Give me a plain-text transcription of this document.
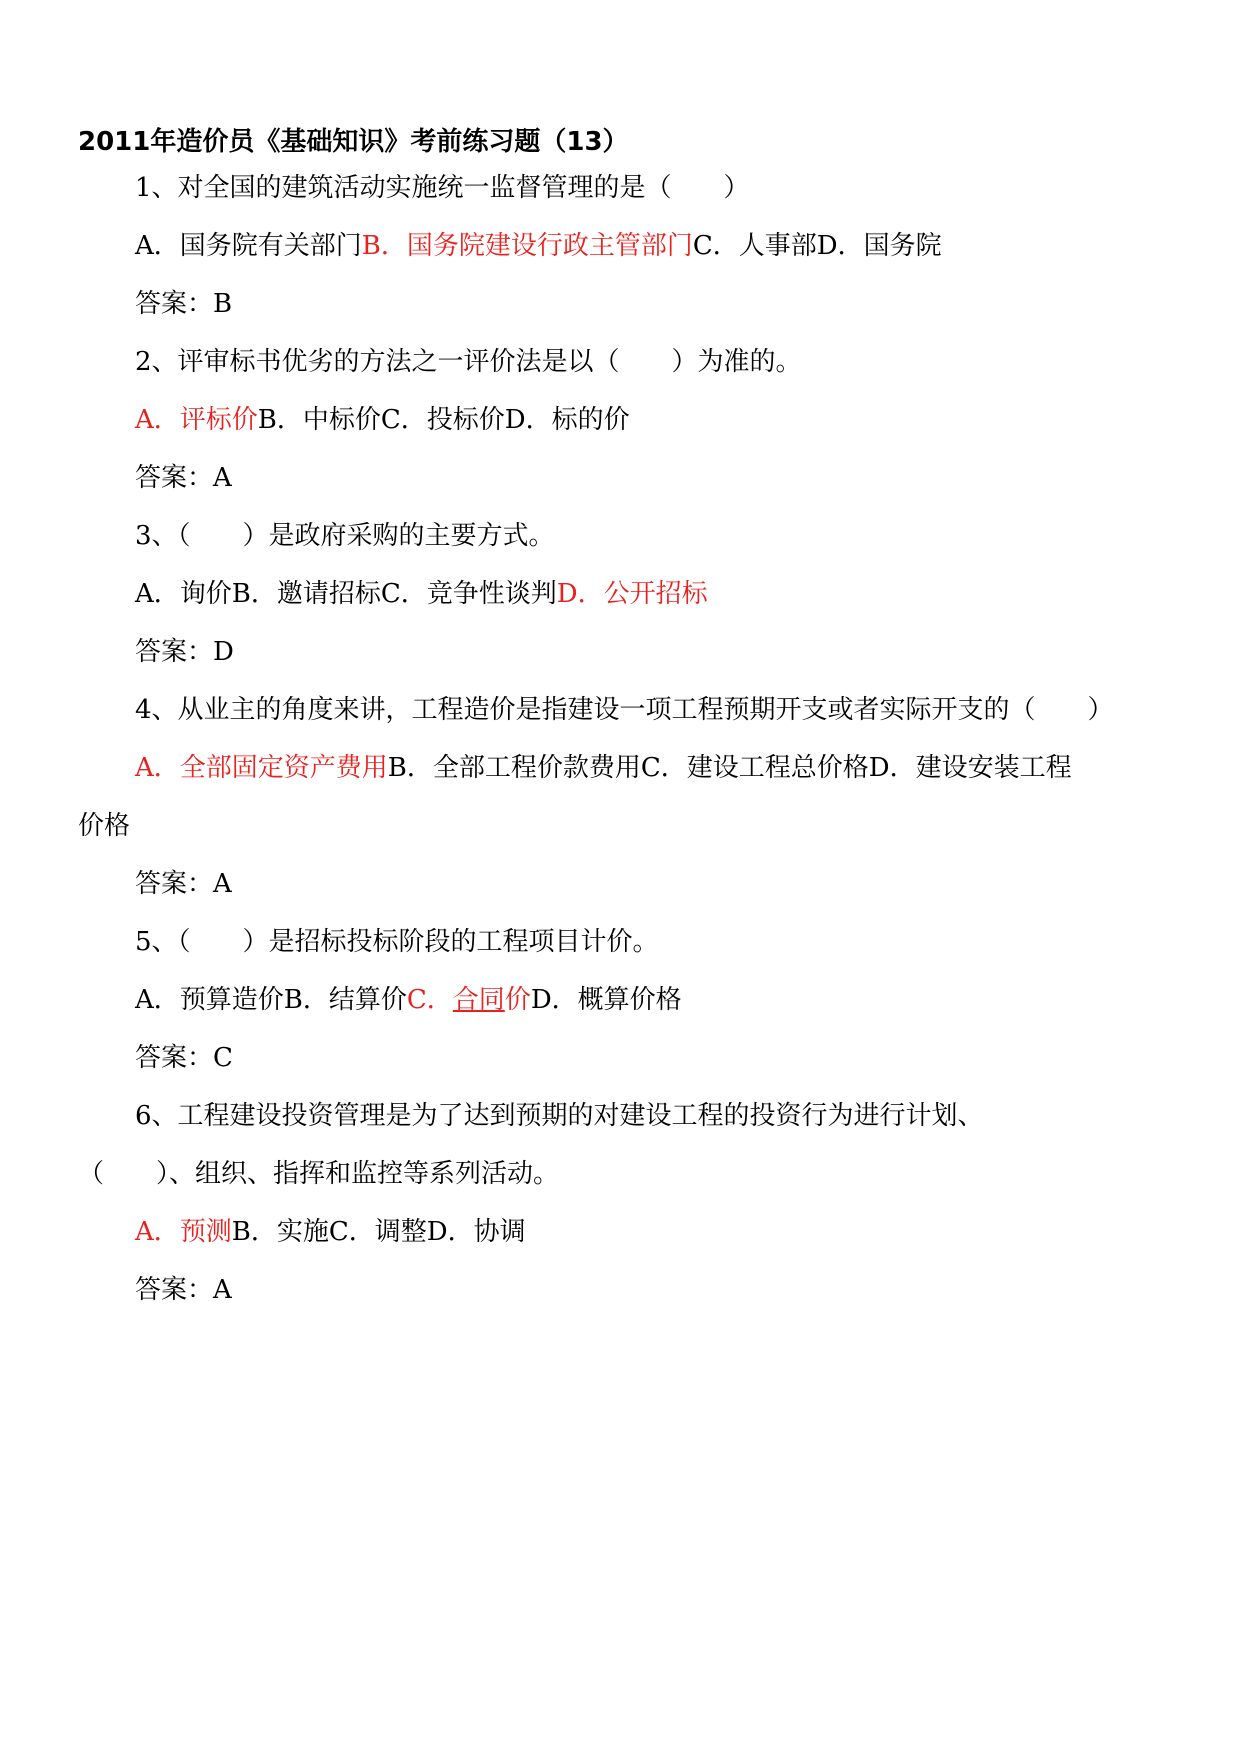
2011年造价员《基础知识》考前练习题（13）
1、对全国的建筑活动实施统一监督管理的是（　　）
A．国务院有关部门B．国务院建设行政主管部门C．人事部D．国务院
答案：B
2、评审标书优劣的方法之一评价法是以（　　）为准的。
A．评标价B．中标价C．投标价D．标的价
答案：A
3、（　　）是政府采购的主要方式。
A．询价B．邀请招标C．竞争性谈判D．公开招标
答案：D
4、从业主的角度来讲，工程造价是指建设一项工程预期开支或者实际开支的（　　）
A．全部固定资产费用B．全部工程价款费用C．建设工程总价格D．建设安装工程
价格
答案：A
5、（　　）是招标投标阶段的工程项目计价。
A．预算造价B．结算价C．合同价D．概算价格
答案：C
6、工程建设投资管理是为了达到预期的对建设工程的投资行为进行计划、
（　　）、组织、指挥和监控等系列活动。
A．预测B．实施C．调整D．协调
答案：A
